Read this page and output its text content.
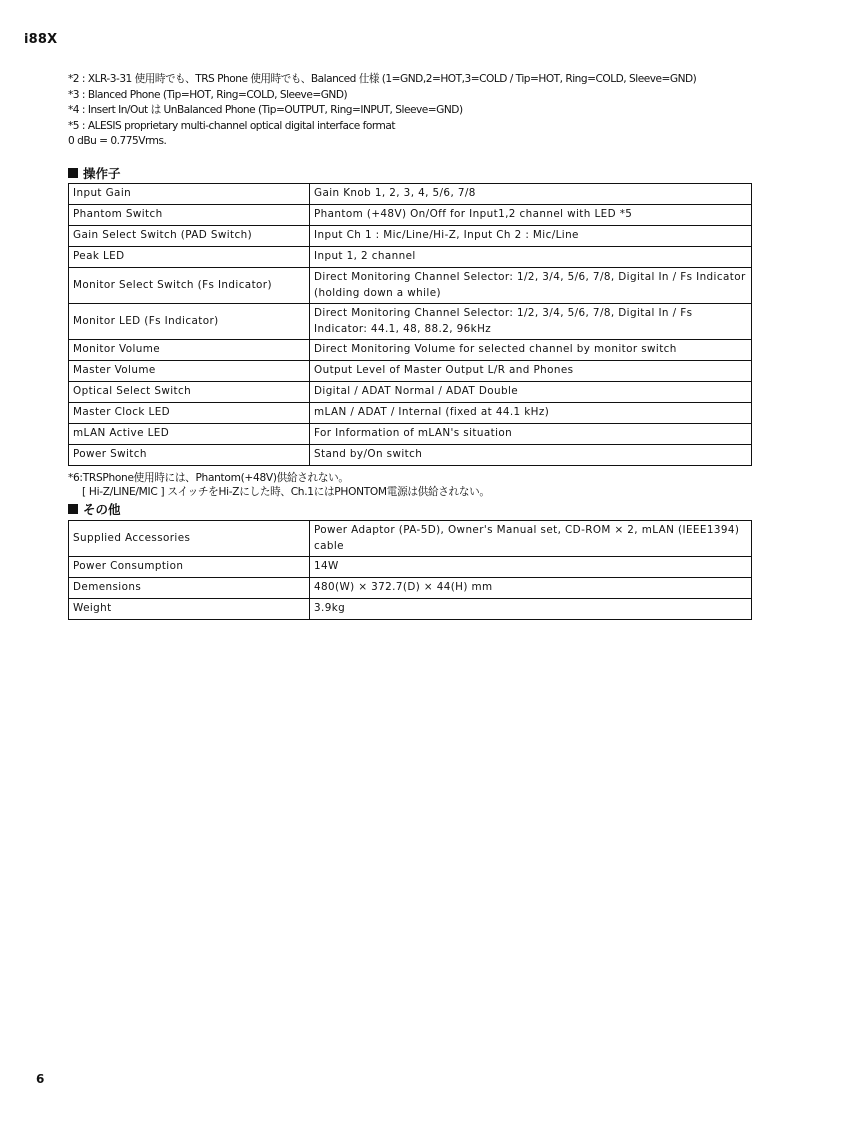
i88X
*2 : XLR-3-31 使用時でも、TRS Phone 使用時でも、Balanced 仕様 (1=GND,2=HOT,3=COLD / Tip=HOT, Ring=COLD, Sleeve=GND)
*3 : Blanced Phone (Tip=HOT, Ring=COLD, Sleeve=GND)
*4 : Insert In/Out は UnBalanced Phone (Tip=OUTPUT, Ring=INPUT, Sleeve=GND)
*5 : ALESIS proprietary multi-channel optical digital interface format
0 dBu = 0.775Vrms.
操作子
Input Gain	Gain Knob 1, 2, 3, 4, 5/6, 7/8
Phantom Switch	Phantom (+48V) On/Off for Input1,2 channel with LED *5
Gain Select Switch (PAD Switch)	Input Ch 1 : Mic/Line/Hi-Z, Input Ch 2 : Mic/Line
Peak LED	Input 1, 2 channel
Monitor Select Switch (Fs Indicator)	Direct Monitoring Channel Selector: 1/2, 3/4, 5/6, 7/8, Digital In / Fs Indicator (holding down a while)
Monitor LED (Fs Indicator)	Direct Monitoring Channel Selector: 1/2, 3/4, 5/6, 7/8, Digital In / Fs Indicator: 44.1, 48, 88.2, 96kHz
Monitor Volume	Direct Monitoring Volume for selected channel by monitor switch
Master Volume	Output Level of Master Output L/R and Phones
Optical Select Switch	Digital / ADAT Normal / ADAT Double
Master Clock LED	mLAN / ADAT / Internal (fixed at 44.1 kHz)
mLAN Active LED	For Information of mLAN's situation
Power Switch	Stand by/On switch
*6:TRSPhone使用時には、Phantom(+48V)供給されない。
[ Hi-Z/LINE/MIC ] スイッチをHi-Zにした時、Ch.1にはPHONTOM電源は供給されない。
その他
Supplied Accessories	Power Adaptor (PA-5D), Owner's Manual set, CD-ROM × 2, mLAN (IEEE1394) cable
Power Consumption	14W
Demensions	480(W) × 372.7(D) × 44(H) mm
Weight	3.9kg
6
